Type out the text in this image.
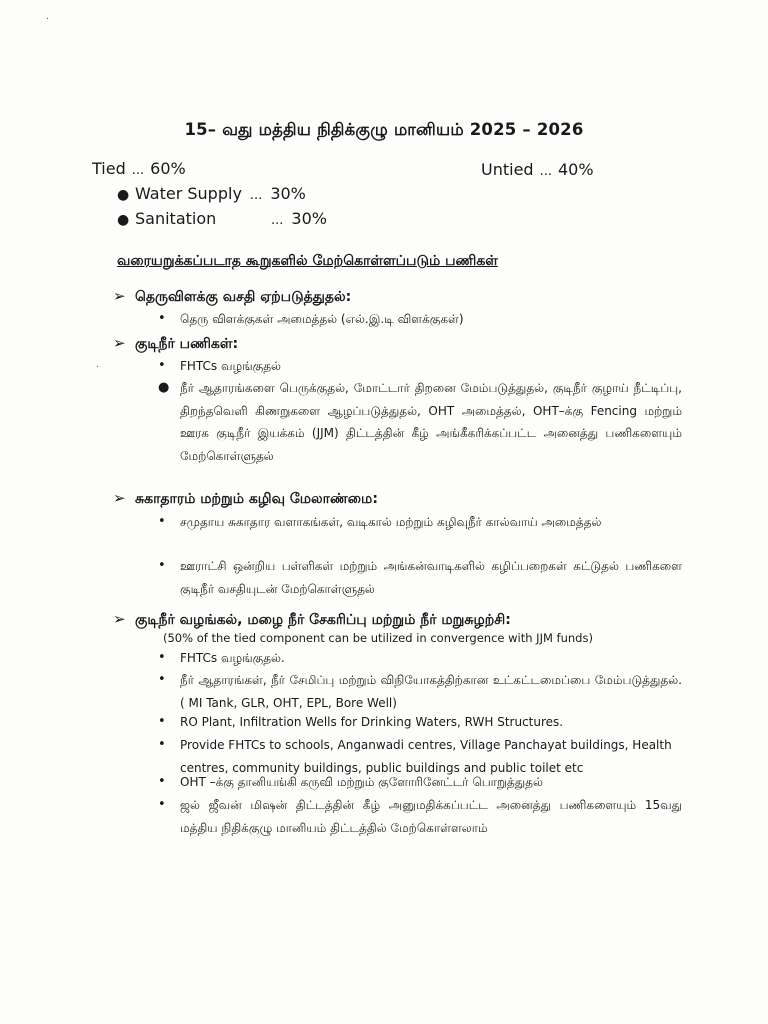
·
·
15– வது மத்திய நிதிக்குழு மானியம் 2025 – 2026
Tied ... 60%	Untied ... 40%
● Water Supply ... 30%
● Sanitation	... 30%
வரையறுக்கப்படாத கூறுகளில் மேற்கொள்ளப்படும் பணிகள்
➢ தெருவிளக்கு வசதி ஏற்படுத்துதல்:
• தெரு விளக்குகள் அமைத்தல் (எல்.இ.டி விளக்குகள்)
➢ குடிநீர் பணிகள்:
• FHTCs வழங்குதல்
● நீர் ஆதாரங்களை பெருக்குதல், மோட்டார் திறனை மேம்படுத்துதல், குடிநீர் குழாய் நீட்டிப்பு, திறந்தவெளி கிணறுகளை ஆழப்படுத்துதல், OHT அமைத்தல், OHT–க்கு Fencing மற்றும் ஊரக குடிநீர் இயக்கம் (JJM) திட்டத்தின் கீழ் அங்கீகரிக்கப்பட்ட அனைத்து பணிகளையும் மேற்கொள்ளுதல்
➢ சுகாதாரம் மற்றும் கழிவு மேலாண்மை:
• சமுதாய சுகாதார வளாகங்கள், வடிகால் மற்றும் கழிவுநீர் கால்வாய் அமைத்தல்
• ஊராட்சி ஒன்றிய பள்ளிகள் மற்றும் அங்கன்வாடிகளில் கழிப்பறைகள் கட்டுதல் பணிகளை குடிநீர் வசதியுடன் மேற்கொள்ளுதல்
➢ குடிநீர் வழங்கல், மழை நீர் சேகரிப்பு மற்றும் நீர் மறுசுழற்சி:
(50% of the tied component can be utilized in convergence with JJM funds)
• FHTCs வழங்குதல்.
• நீர் ஆதாரங்கள், நீர் சேமிப்பு மற்றும் விநியோகத்திற்கான உட்கட்டமைப்பை மேம்படுத்துதல்.( MI Tank, GLR, OHT, EPL, Bore Well)
• RO Plant, Infiltration Wells for Drinking Waters, RWH Structures.
• Provide FHTCs to schools, Anganwadi centres, Village Panchayat buildings, Health centres, community buildings, public buildings and public toilet etc
• OHT –க்கு தானியங்கி கருவி மற்றும் குளோரினேட்டர் பொறுத்துதல்
• ஜல் ஜீவன் மிஷன் திட்டத்தின் கீழ் அனுமதிக்கப்பட்ட அனைத்து பணிகளையும் 15வது மத்திய நிதிக்குழு மானியம் திட்டத்தில் மேற்கொள்ளலாம்
